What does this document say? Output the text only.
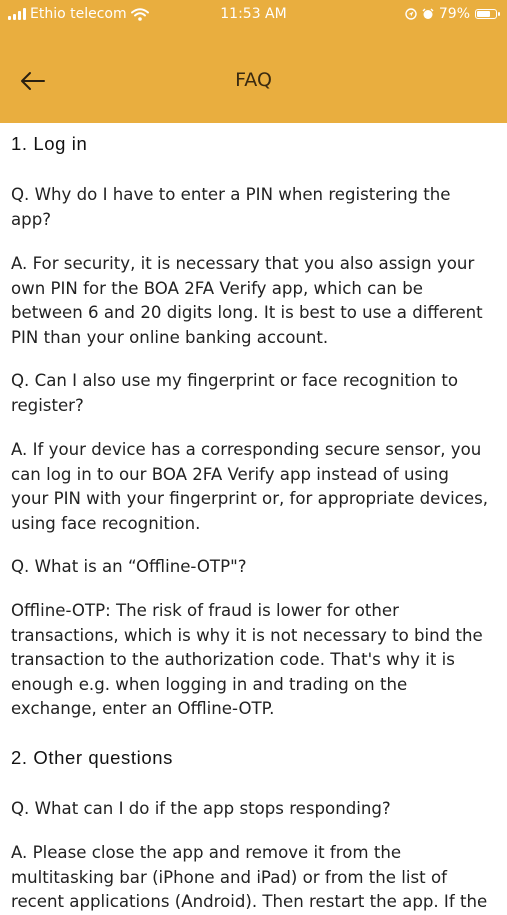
Ethio telecom	11:53 AM	79%
FAQ
1. Log in
Q. Why do I have to enter a PIN when registering the
app?
A. For security, it is necessary that you also assign your
own PIN for the BOA 2FA Verify app, which can be
between 6 and 20 digits long. It is best to use a different
PIN than your online banking account.
Q. Can I also use my fingerprint or face recognition to
register?
A. If your device has a corresponding secure sensor, you
can log in to our BOA 2FA Verify app instead of using
your PIN with your fingerprint or, for appropriate devices,
using face recognition.
Q. What is an “Offline-OTP"?
Offline-OTP: The risk of fraud is lower for other
transactions, which is why it is not necessary to bind the
transaction to the authorization code. That's why it is
enough e.g. when logging in and trading on the
exchange, enter an Offline-OTP.
2. Other questions
Q. What can I do if the app stops responding?
A. Please close the app and remove it from the
multitasking bar (iPhone and iPad) or from the list of
recent applications (Android). Then restart the app. If the
